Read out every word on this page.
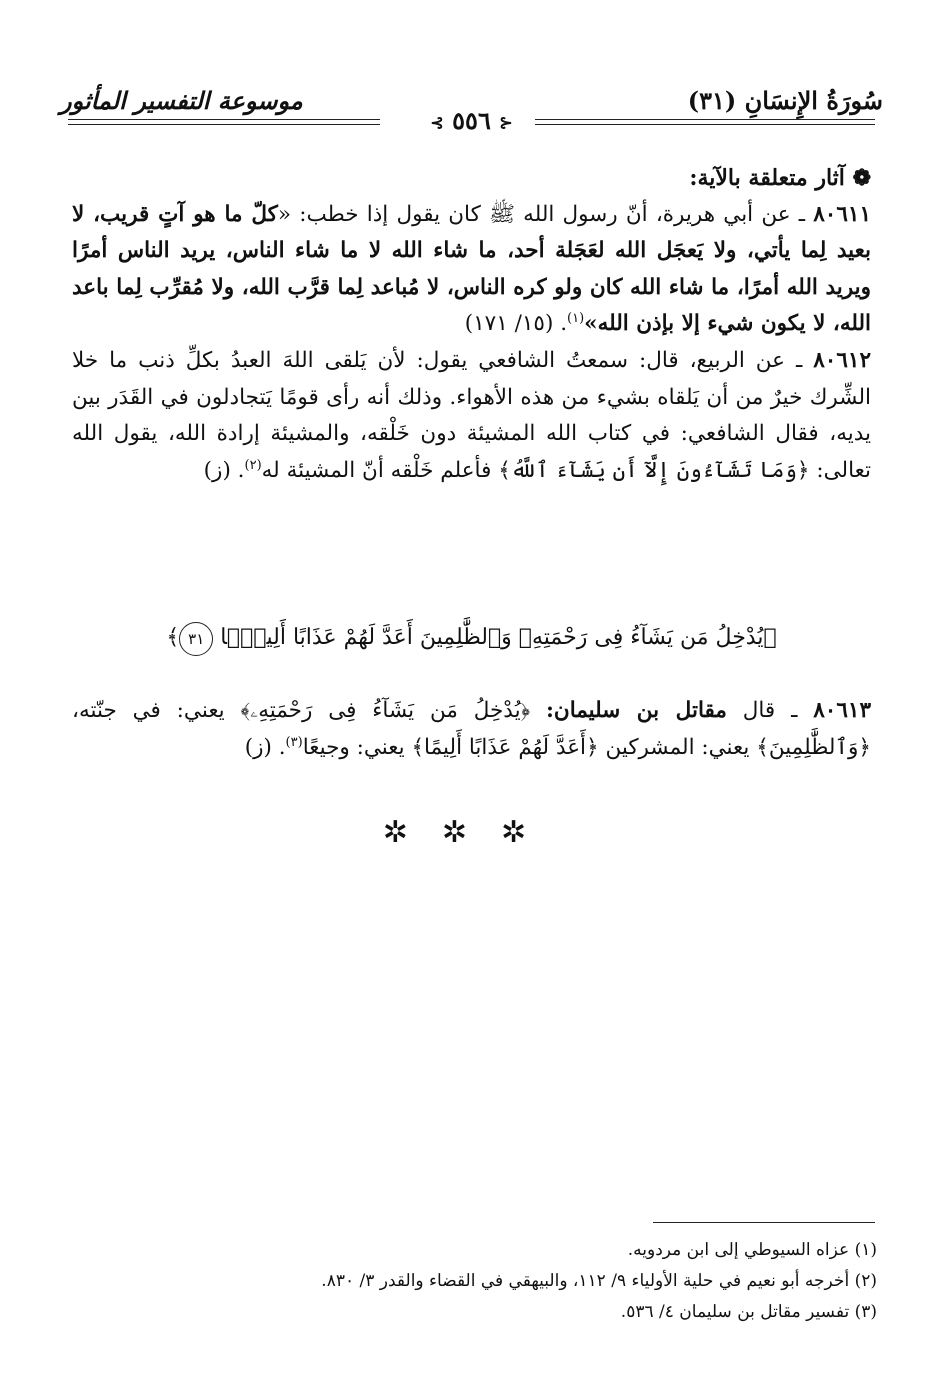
سُورَةُ الإِنسَانِ (٣١)
موسوعة التفسير المأثور
⊰ ٥٥٦ ⊱

❁ آثار متعلقة بالآية:

٨٠٦١١ ـ عن أبي هريرة، أنّ رسول الله ﷺ كان يقول إذا خطب: «كلّ ما هو آتٍ قريب، لا بعيد لِما يأتي، ولا يَعجَل الله لعَجَلة أحد، ما شاء الله لا ما شاء الناس، يريد الناس أمرًا ويريد الله أمرًا، ما شاء الله كان ولو كره الناس، لا مُباعد لِما قرَّب الله، ولا مُقرِّب لِما باعد الله، لا يكون شيء إلا بإذن الله»$^{(١)}$. (١٥/ ١٧١)

٨٠٦١٢ ـ عن الربيع، قال: سمعتُ الشافعي يقول: لأن يَلقى اللهَ العبدُ بكلِّ ذنب ما خلا الشِّرك خيرٌ من أن يَلقاه بشيء من هذه الأهواء. وذلك أنه رأى قومًا يَتجادلون في القَدَر بين يديه، فقال الشافعي: في كتاب الله المشيئة دون خَلْقه، والمشيئة إرادة الله، يقول الله تعالى: ﴿وَمَا تَشَآءُونَ إِلَّآ أَن يَشَآءَ ٱللَّهُ﴾ فأعلم خَلْقه أنّ المشيئة له$^{(٢)}$. (ز)

﴿يُدْخِلُ مَن يَشَآءُ فِى رَحْمَتِهِۦ وَٱلظَّٰلِمِينَ أَعَدَّ لَهُمْ عَذَابًا أَلِيمًۢا ٣١﴾
٨٠٦١٣ ـ قال مقاتل بن سليمان: ﴿يُدْخِلُ مَن يَشَآءُ فِى رَحْمَتِهِۦ﴾ يعني: في جنّته، ﴿وَٱلظَّٰلِمِينَ﴾ يعني: المشركين ﴿أَعَدَّ لَهُمْ عَذَابًا أَلِيمًا﴾ يعني: وجيعًا$^{(٣)}$. (ز)
✲✲✲
(١) عزاه السيوطي إلى ابن مردويه.
(٢) أخرجه أبو نعيم في حلية الأولياء ٩/ ١١٢، والبيهقي في القضاء والقدر ٣/ ٨٣٠.
(٣) تفسير مقاتل بن سليمان ٤/ ٥٣٦.
